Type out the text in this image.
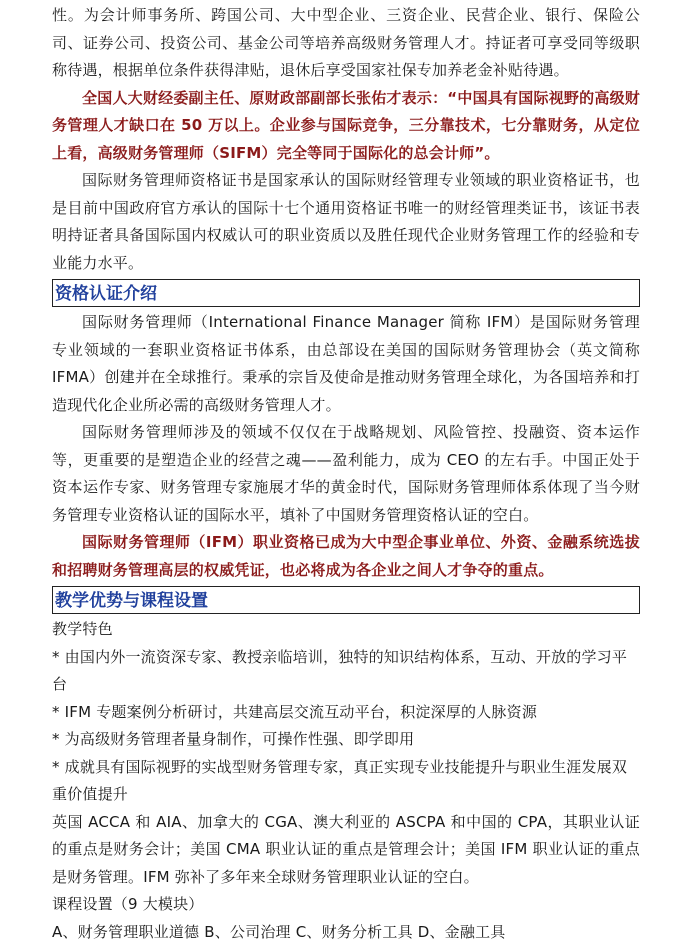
性。为会计师事务所、跨国公司、大中型企业、三资企业、民营企业、银行、保险公司、证券公司、投资公司、基金公司等培养高级财务管理人才。持证者可享受同等级职称待遇，根据单位条件获得津贴，退休后享受国家社保专加养老金补贴待遇。

全国人大财经委副主任、原财政部副部长张佑才表示：“中国具有国际视野的高级财务管理人才缺口在 50 万以上。企业参与国际竞争，三分靠技术，七分靠财务，从定位上看，高级财务管理师（SIFM）完全等同于国际化的总会计师”。

国际财务管理师资格证书是国家承认的国际财经管理专业领域的职业资格证书，也是目前中国政府官方承认的国际十七个通用资格证书唯一的财经管理类证书，该证书表明持证者具备国际国内权威认可的职业资质以及胜任现代企业财务管理工作的经验和专业能力水平。

资格认证介绍

国际财务管理师（International Finance Manager 简称 IFM）是国际财务管理专业领域的一套职业资格证书体系，由总部设在美国的国际财务管理协会（英文简称 IFMA）创建并在全球推行。秉承的宗旨及使命是推动财务管理全球化，为各国培养和打造现代化企业所必需的高级财务管理人才。

国际财务管理师涉及的领域不仅仅在于战略规划、风险管控、投融资、资本运作等，更重要的是塑造企业的经营之魂——盈利能力，成为 CEO 的左右手。中国正处于资本运作专家、财务管理专家施展才华的黄金时代，国际财务管理师体系体现了当今财务管理专业资格认证的国际水平，填补了中国财务管理资格认证的空白。

国际财务管理师（IFM）职业资格已成为大中型企事业单位、外资、金融系统选拔和招聘财务管理高层的权威凭证，也必将成为各企业之间人才争夺的重点。

教学优势与课程设置

教学特色

* 由国内外一流资深专家、教授亲临培训，独特的知识结构体系，互动、开放的学习平台

* IFM 专题案例分析研讨，共建高层交流互动平台，积淀深厚的人脉资源

* 为高级财务管理者量身制作，可操作性强、即学即用

* 成就具有国际视野的实战型财务管理专家，真正实现专业技能提升与职业生涯发展双重价值提升

英国 ACCA 和 AIA、加拿大的 CGA、澳大利亚的 ASCPA 和中国的 CPA，其职业认证的重点是财务会计；美国 CMA 职业认证的重点是管理会计；美国 IFM 职业认证的重点是财务管理。IFM 弥补了多年来全球财务管理职业认证的空白。

课程设置（9 大模块）

A、财务管理职业道德 B、公司治理 C、财务分析工具 D、金融工具
